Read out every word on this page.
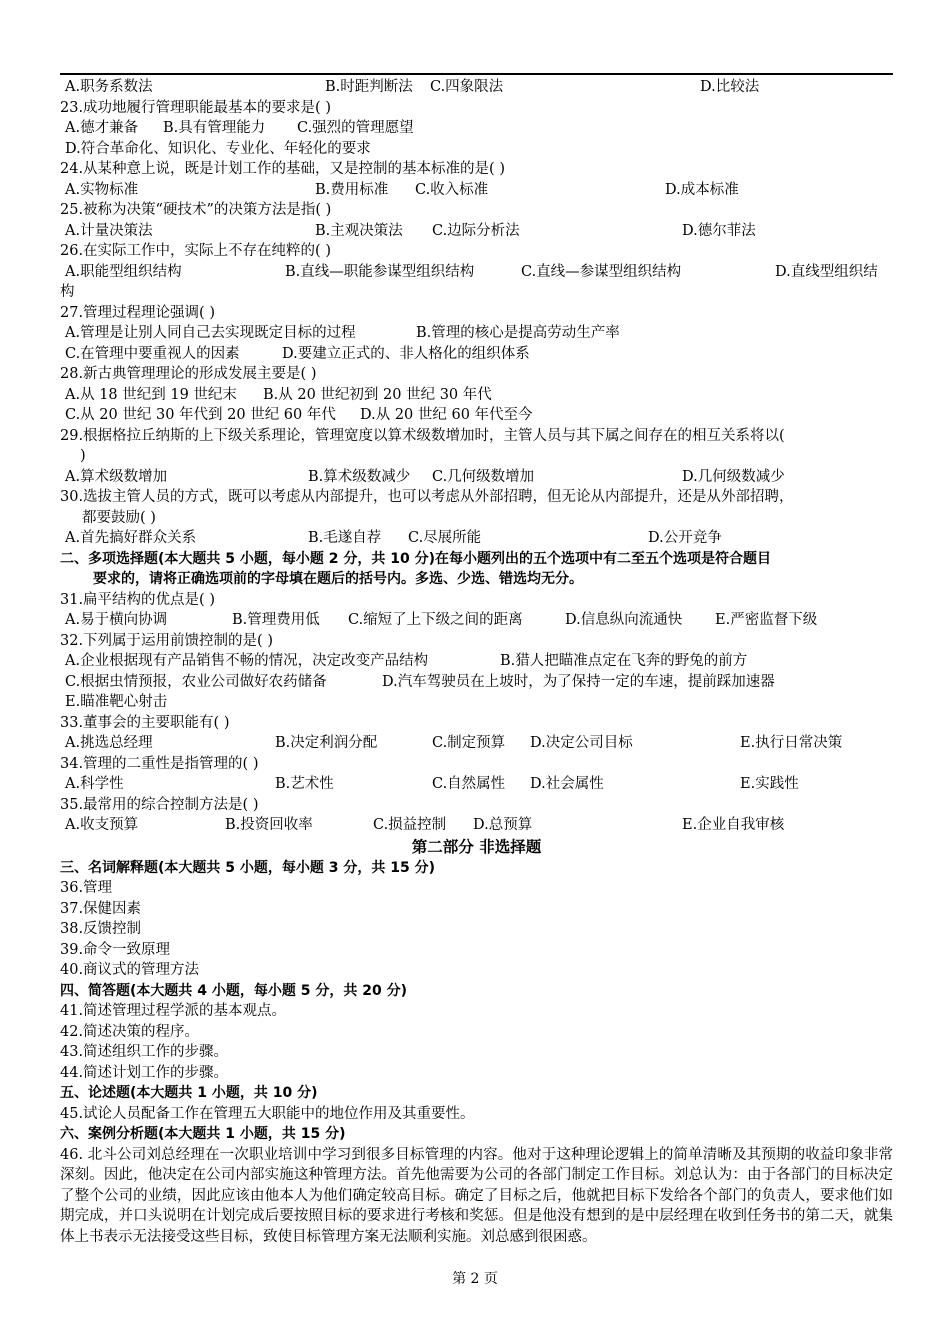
A.职务系数法	B.时距判断法 C.四象限法	D.比较法
23.成功地履行管理职能最基本的要求是( )
A.德才兼备 B.具有管理能力 C.强烈的管理愿望
D.符合革命化、知识化、专业化、年轻化的要求
24.从某种意上说，既是计划工作的基础，又是控制的基本标准的是( )
A.实物标准	B.费用标准 C.收入标准	D.成本标准
25.被称为决策“硬技术”的决策方法是指( )
A.计量决策法	B.主观决策法 C.边际分析法	D.德尔菲法
26.在实际工作中，实际上不存在纯粹的( )
A.职能型组织结构	B.直线—职能参谋型组织结构	C.直线—参谋型组织结构	D.直线型组织结
构
27.管理过程理论强调( )
A.管理是让别人同自己去实现既定目标的过程	B.管理的核心是提高劳动生产率
C.在管理中要重视人的因素	D.要建立正式的、非人格化的组织体系
28.新古典管理理论的形成发展主要是( )
A.从 18 世纪到 19 世纪末 B.从 20 世纪初到 20 世纪 30 年代
C.从 20 世纪 30 年代到 20 世纪 60 年代 D.从 20 世纪 60 年代至今
29.根据格拉丘纳斯的上下级关系理论，管理宽度以算术级数增加时，主管人员与其下属之间存在的相互关系将以(
)
A.算术级数增加	B.算术级数减少 C.几何级数增加	D.几何级数减少
30.选拔主管人员的方式，既可以考虑从内部提升，也可以考虑从外部招聘，但无论从内部提升，还是从外部招聘，
都要鼓励( )
A.首先搞好群众关系	B.毛遂自荐 C.尽展所能	D.公开竞争
二、多项选择题(本大题共 5 小题，每小题 2 分，共 10 分)在每小题列出的五个选项中有二至五个选项是符合题目
要求的，请将正确选项前的字母填在题后的括号内。多选、少选、错选均无分。
31.扁平结构的优点是( )
A.易于横向协调	B.管理费用低 C.缩短了上下级之间的距离	D.信息纵向流通快 E.严密监督下级
32.下列属于运用前馈控制的是( )
A.企业根据现有产品销售不畅的情况，决定改变产品结构	B.猎人把瞄准点定在飞奔的野兔的前方
C.根据虫情预报，农业公司做好农药储备	D.汽车驾驶员在上坡时，为了保持一定的车速，提前踩加速器
E.瞄准靶心射击
33.董事会的主要职能有( )
A.挑选总经理	B.决定利润分配	C.制定预算 D.决定公司目标	E.执行日常决策
34.管理的二重性是指管理的( )
A.科学性	B.艺术性	C.自然属性 D.社会属性	E.实践性
35.最常用的综合控制方法是( )
A.收支预算	B.投资回收率	C.损益控制 D.总预算	E.企业自我审核
第二部分 非选择题
三、名词解释题(本大题共 5 小题，每小题 3 分，共 15 分)
36.管理
37.保健因素
38.反馈控制
39.命令一致原理
40.商议式的管理方法
四、简答题(本大题共 4 小题，每小题 5 分，共 20 分)
41.简述管理过程学派的基本观点。
42.简述决策的程序。
43.简述组织工作的步骤。
44.简述计划工作的步骤。
五、论述题(本大题共 1 小题，共 10 分)
45.试论人员配备工作在管理五大职能中的地位作用及其重要性。
六、案例分析题(本大题共 1 小题，共 15 分)
46. 北斗公司刘总经理在一次职业培训中学习到很多目标管理的内容。他对于这种理论逻辑上的简单清晰及其预期的收益印象非常深刻。因此，他决定在公司内部实施这种管理方法。首先他需要为公司的各部门制定工作目标。刘总认为：由于各部门的目标决定了整个公司的业绩，因此应该由他本人为他们确定较高目标。确定了目标之后，他就把目标下发给各个部门的负责人，要求他们如期完成，并口头说明在计划完成后要按照目标的要求进行考核和奖惩。但是他没有想到的是中层经理在收到任务书的第二天，就集体上书表示无法接受这些目标，致使目标管理方案无法顺利实施。刘总感到很困惑。
第 2 页
